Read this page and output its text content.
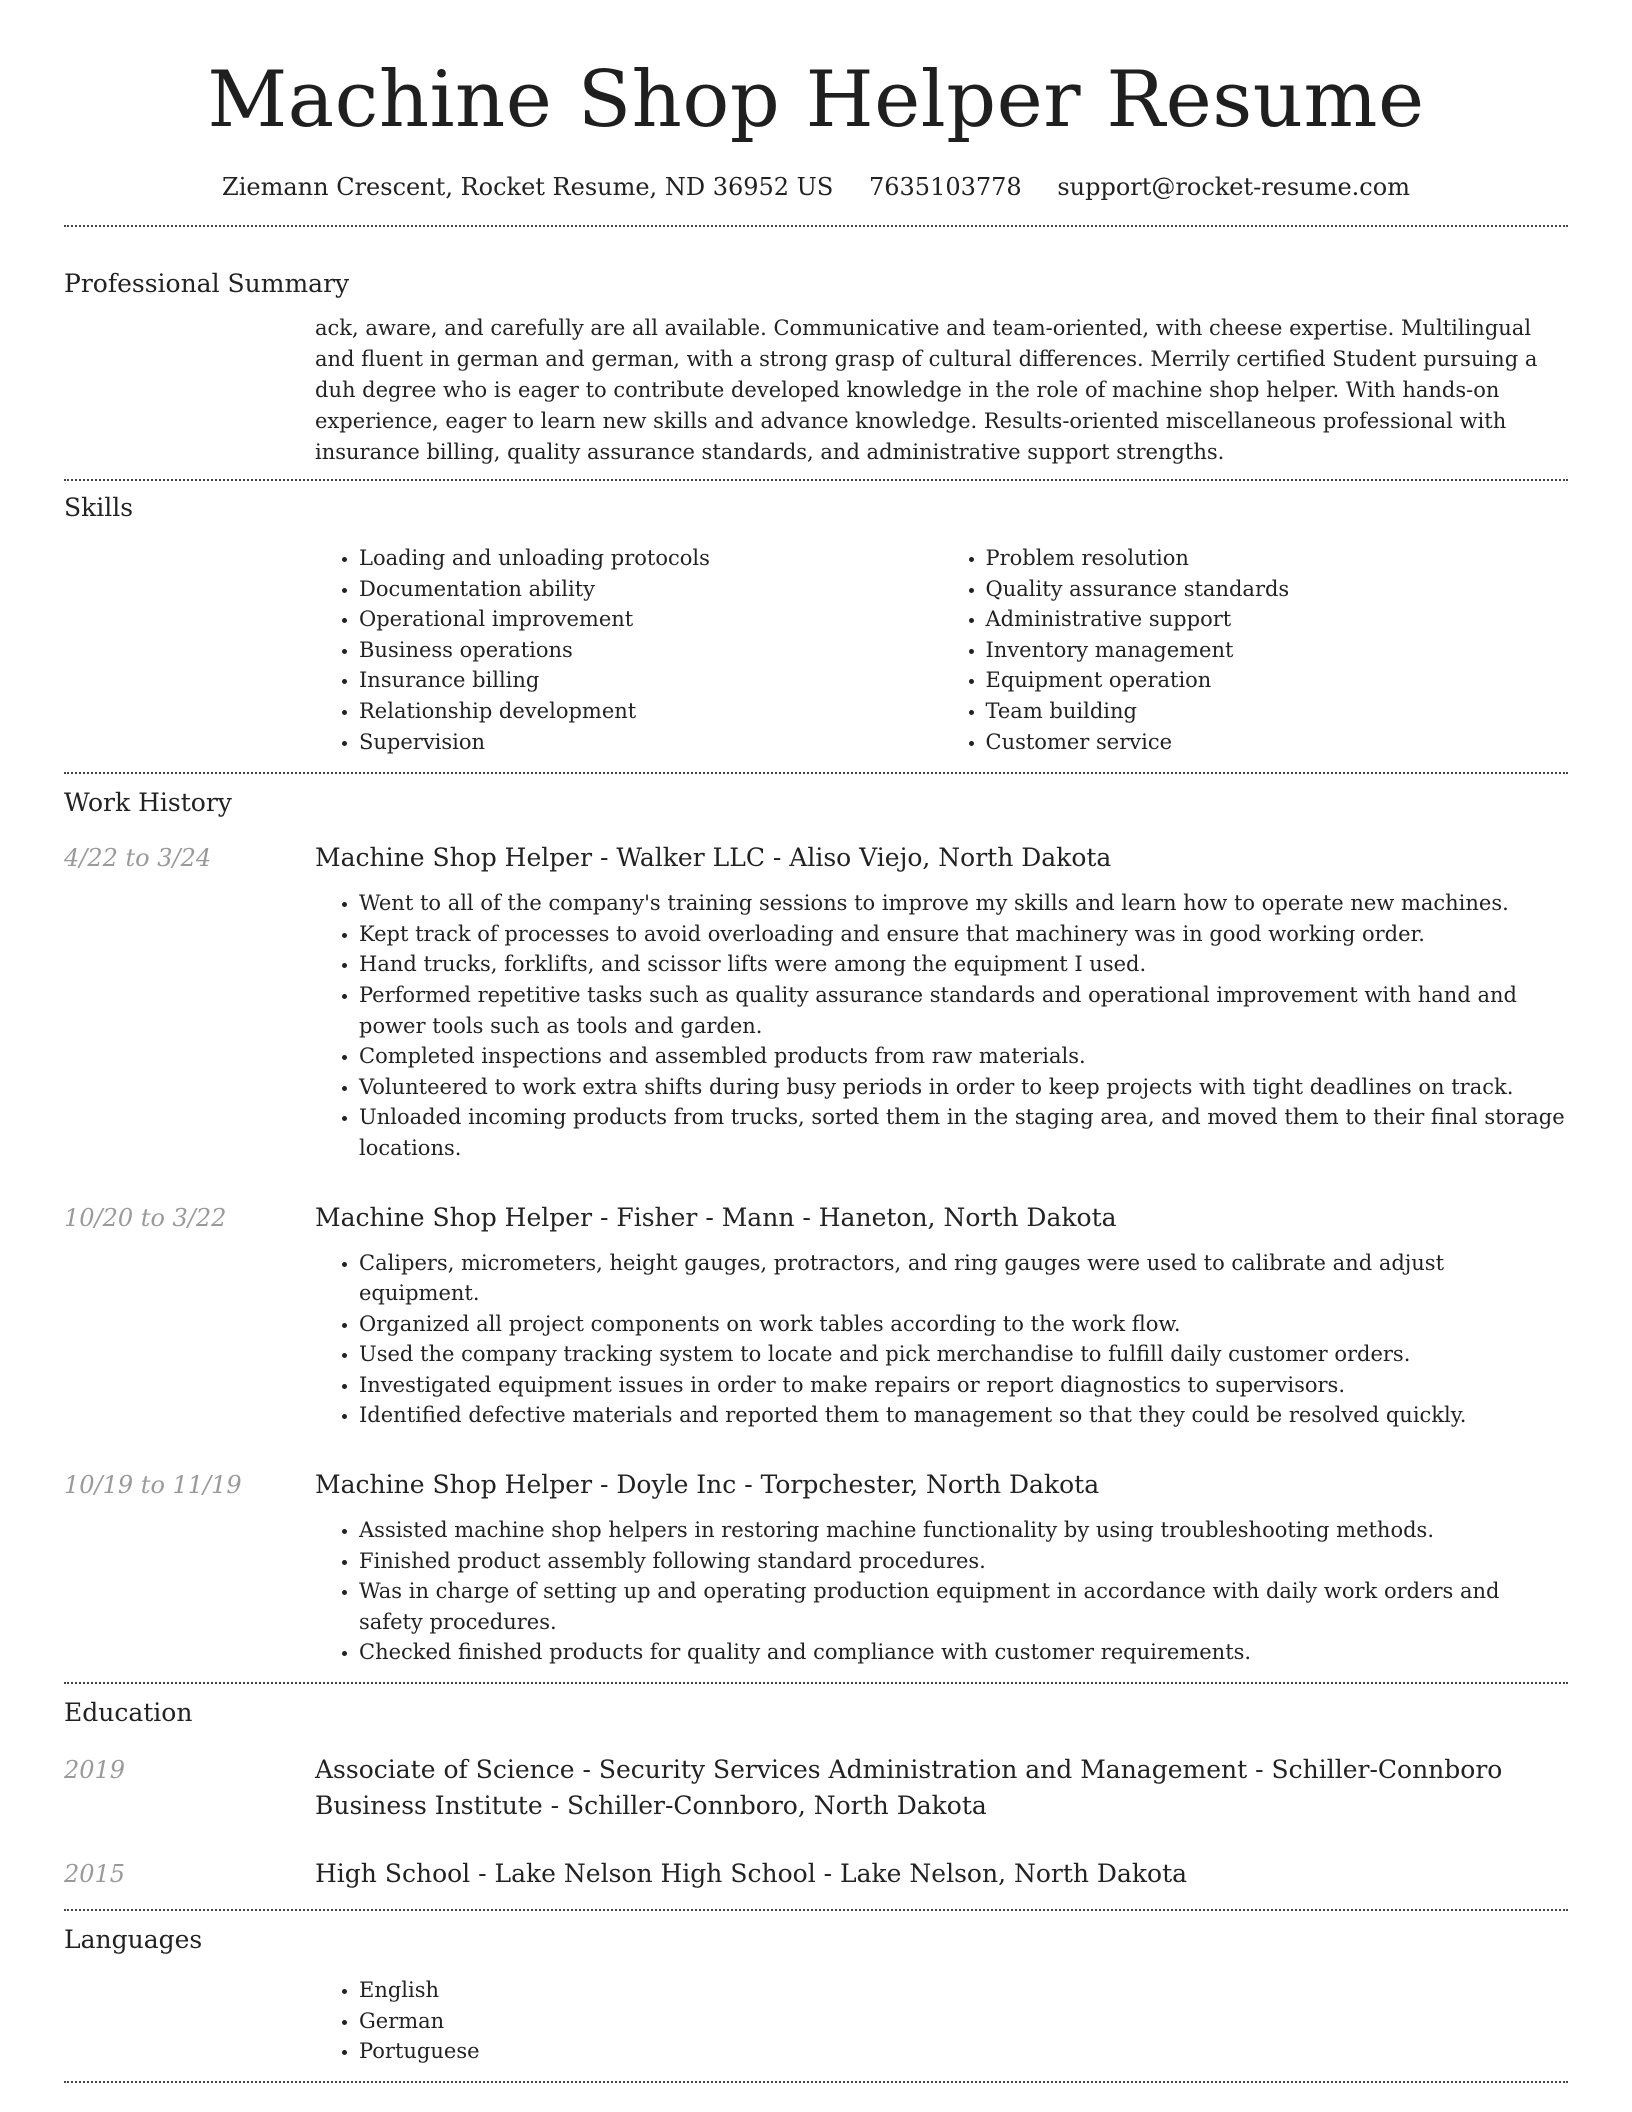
Machine Shop Helper Resume
Ziemann Crescent, Rocket Resume, ND 36952 US 7635103778 support@rocket-resume.com
Professional Summary

ack, aware, and carefully are all available. Communicative and team-oriented, with cheese expertise. Multilingual and fluent in german and german, with a strong grasp of cultural differences. Merrily certified Student pursuing a duh degree who is eager to contribute developed knowledge in the role of machine shop helper. With hands-on experience, eager to learn new skills and advance knowledge. Results-oriented miscellaneous professional with insurance billing, quality assurance standards, and administrative support strengths.

Skills
• Loading and unloading protocols
• Documentation ability
• Operational improvement
• Business operations
• Insurance billing
• Relationship development
• Supervision
• Problem resolution
• Quality assurance standards
• Administrative support
• Inventory management
• Equipment operation
• Team building
• Customer service
Work History
4/22 to 3/24	Machine Shop Helper - Walker LLC - Aliso Viejo, North Dakota

• Went to all of the company's training sessions to improve my skills and learn how to operate new machines.
• Kept track of processes to avoid overloading and ensure that machinery was in good working order.
• Hand trucks, forklifts, and scissor lifts were among the equipment I used.
• Performed repetitive tasks such as quality assurance standards and operational improvement with hand and power tools such as tools and garden.
• Completed inspections and assembled products from raw materials.
• Volunteered to work extra shifts during busy periods in order to keep projects with tight deadlines on track.
• Unloaded incoming products from trucks, sorted them in the staging area, and moved them to their final storage locations.
10/20 to 3/22	Machine Shop Helper - Fisher - Mann - Haneton, North Dakota

• Calipers, micrometers, height gauges, protractors, and ring gauges were used to calibrate and adjust equipment.
• Organized all project components on work tables according to the work flow.
• Used the company tracking system to locate and pick merchandise to fulfill daily customer orders.
• Investigated equipment issues in order to make repairs or report diagnostics to supervisors.
• Identified defective materials and reported them to management so that they could be resolved quickly.
10/19 to 11/19	Machine Shop Helper - Doyle Inc - Torpchester, North Dakota

• Assisted machine shop helpers in restoring machine functionality by using troubleshooting methods.
• Finished product assembly following standard procedures.
• Was in charge of setting up and operating production equipment in accordance with daily work orders and safety procedures.
• Checked finished products for quality and compliance with customer requirements.
Education
2019	Associate of Science - Security Services Administration and Management - Schiller-Connboro Business Institute - Schiller-Connboro, North Dakota

2015	High School - Lake Nelson High School - Lake Nelson, North Dakota

Languages
• English
• German
• Portuguese
